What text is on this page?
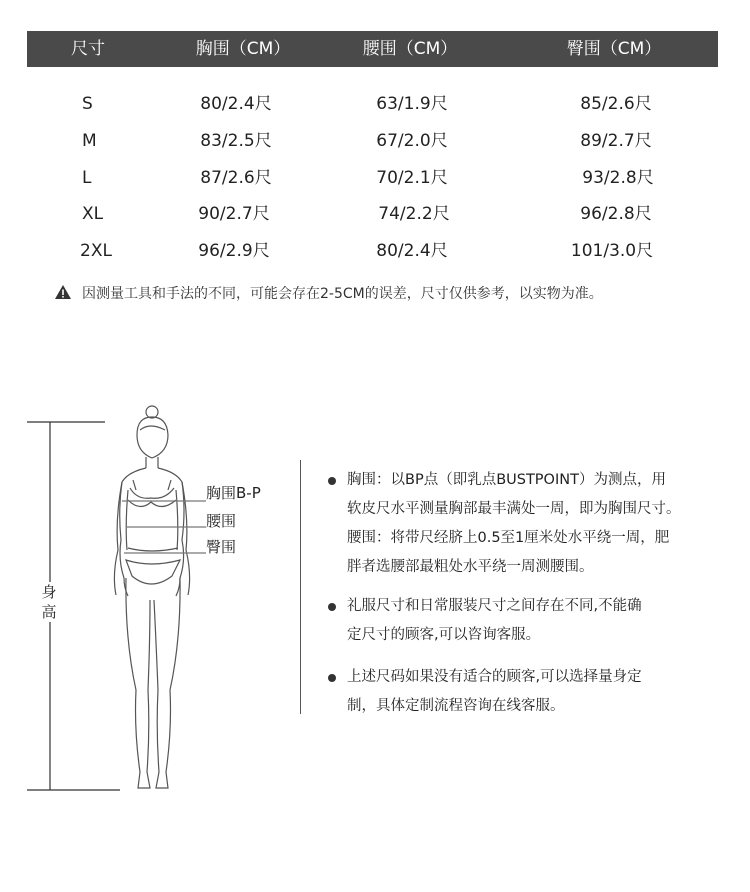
尺寸	胸围（CM）	腰围（CM）	臀围（CM）
S	80/2.4尺	63/1.9尺	85/2.6尺
M	83/2.5尺	67/2.0尺	89/2.7尺
L	87/2.6尺	70/2.1尺	93/2.8尺
XL	90/2.7尺	74/2.2尺	96/2.8尺
2XL	96/2.9尺	80/2.4尺	101/3.0尺
因测量工具和手法的不同，可能会存在2-5CM的误差，尺寸仅供参考，以实物为准。
胸围B-P
腰围
臀围
身高
胸围：以BP点（即乳点BUSTPOINT）为测点，用
软皮尺水平测量胸部最丰满处一周，即为胸围尺寸。
腰围：将带尺经脐上0.5至1厘米处水平绕一周，肥
胖者选腰部最粗处水平绕一周测腰围。
礼服尺寸和日常服装尺寸之间存在不同,不能确
定尺寸的顾客,可以咨询客服。
上述尺码如果没有适合的顾客,可以选择量身定
制，具体定制流程咨询在线客服。
